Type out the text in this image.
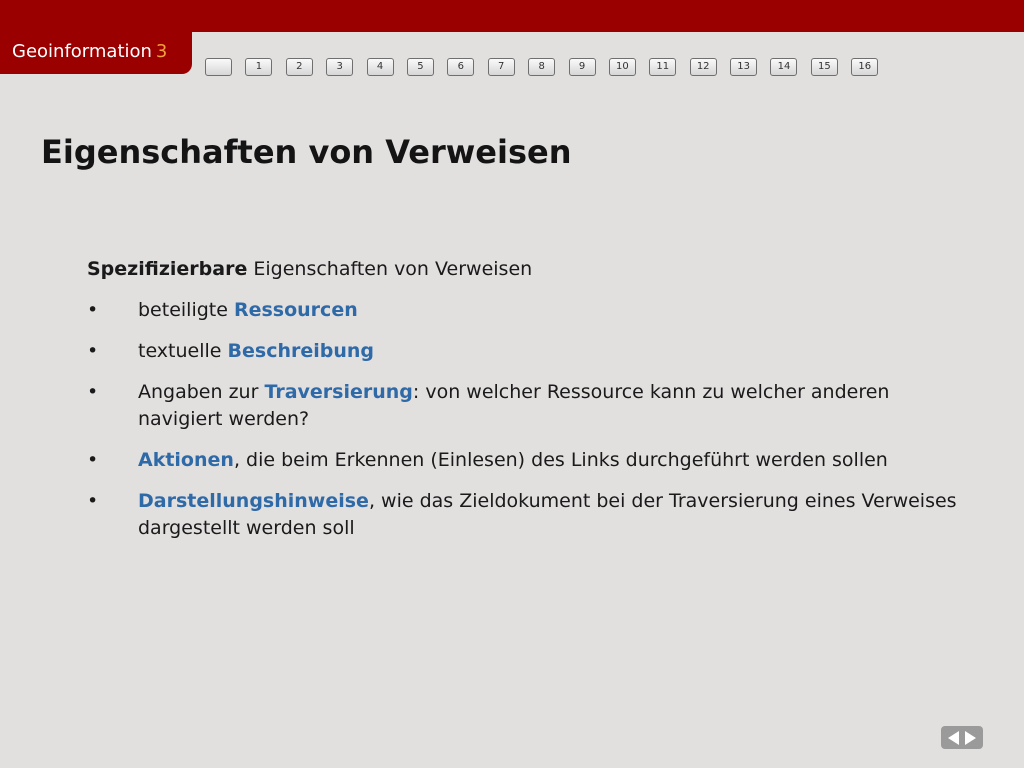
Geoinformation 3
1	2	3	4	5	6	7	8	9	10	11	12	13	14	15	16
Eigenschaften von Verweisen

Spezifizierbare Eigenschaften von Verweisen

•	beteiligte Ressourcen
•	textuelle Beschreibung
•	Angaben zur Traversierung: von welcher Ressource kann zu welcher anderen navigiert werden?
•	Aktionen, die beim Erkennen (Einlesen) des Links durchgeführt werden sollen
•	Darstellungshinweise, wie das Zieldokument bei der Traversierung eines Verweises dargestellt werden soll
